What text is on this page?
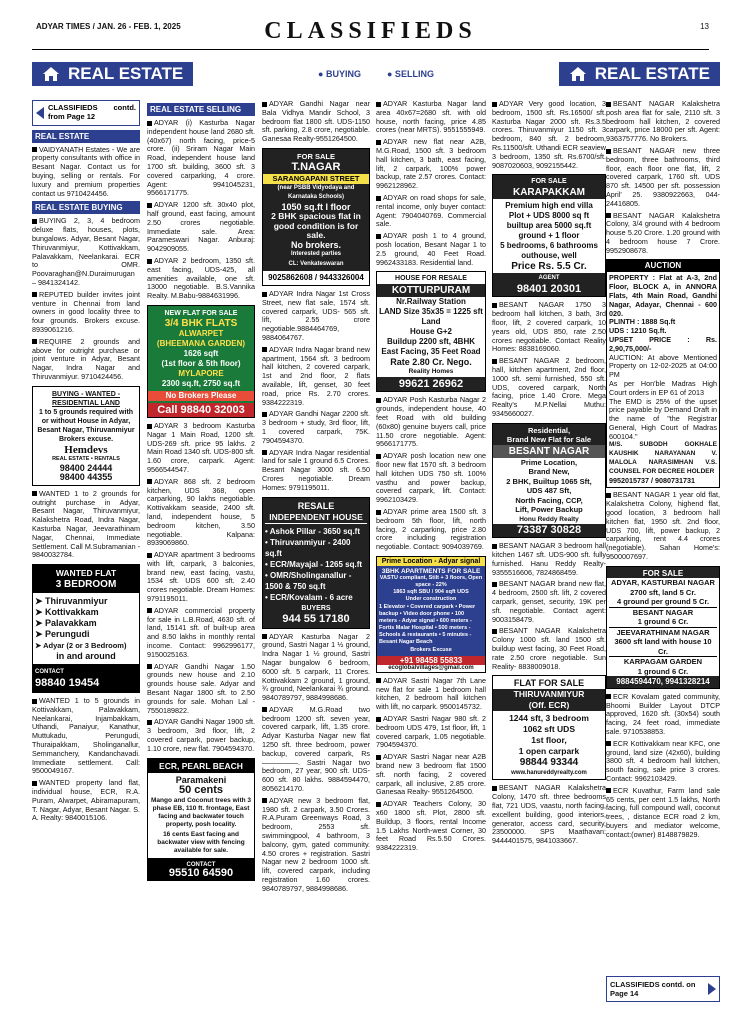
ADYAR TIMES / JAN. 26 - FEB. 1, 2025	CLASSIFIEDS	13
REAL ESTATE	● BUYING	● SELLING	REAL ESTATE
CLASSIFIEDS contd. from Page 12
REAL ESTATE
VAIDYANATH Estates - We are property consultants with office in Besant Nagar. Contact us for buying, selling or rentals. For luxury and premium properties contact us 9710424456.
REAL ESTATE BUYING
BUYING 2, 3, 4 bedroom deluxe flats, houses, plots, bungalows. Adyar, Besant Nagar, Thiruvanmiyur, Kottivakkam, Palavakkam, Neelankarai. ECR to OMR. Poovaraghan@N.Duraimurugan – 9841324142.
REPUTED builder invites joint venture in Chennai from land owners in good locality three to four grounds. Brokers excuse. 8939061216.
REQUIRE 2 grounds and above for outright purchase or joint venture in Adyar, Besant Nagar, Indra Nagar and Thiruvanmiyur. 9710424456.
BUYING - WANTED - RESIDENTIAL LAND
1 to 5 grounds required with or without House in Adyar, Besant Nagar, Thiruvanmiyur
Brokers excuse.
Hemdevs
REAL ESTATE • RENTALS
98400 24444
98400 44355
WANTED 1 to 2 grounds for outright purchase in Adyar, Besant Nagar, Thiruvanmiyur, Kalakshetra Road, Indra Nagar, Kasturba Nagar, Jeevarathinam Nagar, Chennai, Immediate Settlement. Call M.Subramanian - 9840032784.
WANTED FLAT
3 BEDROOM
➤ Thiruvanmiyur
➤ Kottivakkam
➤ Palavakkam
➤ Perungudi
➤ Adyar (2 or 3 Bedroom)
in and around
CONTACT
98840 19454
WANTED 1 to 5 grounds in Kottivakkam, Palavakkam, Neelankarai, Injambakkam, Uthandi, Panaiyur, Kanathur, Muttukadu, Perungudi, Thuraipakkam, Sholinganallur, Semmanchery, Kandanchavadi. Immediate settlement. Call: 9500049167.
WANTED property land flat, individual house, ECR, R.A. Puram, Alwarpet, Abiramapuram, T. Nagar, Adyar, Besant Nagar. S. A. Realty: 9840015106.
REAL ESTATE SELLING
ADYAR (i) Kasturba Nagar independent house land 2680 sft. (40x67) north facing, price-5 crore. (ii) Sriram Nagar Main Road, independent house land 1700 sft. building, 3600 sft. 3 covered carparking, 4 crore. Agent: 9941045231, 9566171775.
ADYAR 1200 sft. 30x40 plot, half ground, east facing, amount 2.50 crores negotiable. Immediate sale. Area: Parameswari Nagar. Anburaj: 9042909055.
ADYAR 2 bedroom, 1350 sft. east facing, UDS-425, all amenities available, one sft. 13000 negotiable. B.S.Vannika Realty. M.Babu-9884631996.
NEW FLAT FOR SALE
3/4 BHK FLATS
ALWARPET
(BHEEMANA GARDEN)
1626 sqft
(1st floor & 5th floor)
MYLAPORE
2300 sq.ft, 2750 sq.ft
No Brokers Please
Call 98840 32003
ADYAR 3 bedroom Kasturba Nagar 1 Main Road, 1200 sft. UDS-269 sft. price 95 lakhs. 2 Main Road 1340 sft. UDS-800 sft. 1.60 crore, carpark. Agent: 9566544547.
ADYAR 868 sft. 2 bedroom kitchen, UDS 368, open carparking, 90 lakhs negotiable. Kottivakkam seaside, 2400 sft. land, independent house, 5 bedroom kitchen, 3.50 negotiable. Kalpana: 8939069860.
ADYAR apartment 3 bedrooms with lift, carpark, 3 balconies, brand new, east facing, vastu, 1534 sft. UDS 600 sft. 2.40 crores negotiable. Dream Homes: 9791195011.
ADYAR commercial property for sale in L.B.Road, 4630 sft. of land, 15141 sft. of built-up area and 8.50 lakhs in monthly rental income. Contact: 9962996177, 9150025163.
ADYAR Gandhi Nagar 1.50 grounds new house and 2.10 grounds house sale. Adyar and Besant Nagar 1800 sft. to 2.50 grounds for sale. Mohan Lal - 7550189822.
ADYAR Gandhi Nagar 1900 sft. 3 bedroom, 3rd floor, lift, 2 covered carpark, power backup, 1.10 crore, new flat. 7904594370.
ECR, PEARL BEACH
Paramakeni
50 cents
Mango and Coconut trees with 3 phase EB, 110 ft. frontage, East facing and backwater touch property, posh locality.
16 cents East facing and backwater view with fencing available for sale.
CONTACT
95510 64590
ADYAR Gandhi Nagar near Bala Vidhya Mandir School, 3 bedroom flat 1800 sft. UDS-1150 sft. parking, 2.8 crore, negotiable. Ganesaa Realty-9551264500.
FOR SALE
T.NAGAR
SARANGAPANI STREET
(near PSBB Vidyodaya and Karnataka Schools)
1050 sq.ft I floor
2 BHK spacious flat in good condition is for sale.
No brokers.
Interested parties
CL: Venkateswaran
9025862608 / 9443326004
ADYAR Indra Nagar 1st Cross Street, new flat sale, 1574 sft. covered carpark, UDS- 565 sft. lift, 2.55 crore negotiable.9884464769, 9884064767.
ADYAR Indra Nagar brand new apartment, 1564 sft. 3 bedroom hall kitchen, 2 covered carpark, 1st and 2nd floor, 2 flats available, lift, genset, 30 feet road, price Rs. 2.70 crores. 9384222319.
ADYAR Gandhi Nagar 2200 sft. 3 bedroom + study, 3rd floor, lift, 1 covered carpark, 75K. 7904594370.
ADYAR Indra Nagar residential land for sale 1 ground 6.5 Crores. Besant Nagar 3000 sft. 6.50 Crores negotiable. Dream Homes: 9791195011.
RESALE
INDEPENDENT HOUSE
• Ashok Pillar - 3650 sq.ft
• Thiruvanmiyur - 2400 sq.ft
• ECR/Mayajal - 1265 sq.ft
• OMR/Sholinganallur - 1500 & 750 sq.ft
• ECR/Kovalam - 6 acre
BUYERS
944 55 17180
ADYAR Kasturba Nagar 2 ground, Sastri Nagar 1 ½ ground, Indra Nagar 1 ½ ground, Sastri Nagar bungalow 6 bedroom, 6000 sft. 5 carpark, 11 Crores. Kottivakkam 2 ground, 1 ground, ¾ ground, Neelankarai ¾ ground. 9840789797, 9884998686.
ADYAR M.G.Road two bedroom 1200 sft. seven year, covered carpark, lift, 1.35 crore. Adyar Kasturba Nagar new flat 1250 sft. three bedroom, power backup, covered carpark, Rs—————. Sastri Nagar two bedroom, 27 year, 900 sft. UDS- 600 sft. 80 lakhs. 9884594470, 8056214170.
ADYAR new 3 bedroom flat, 1980 sft. 2 carpark, 3.50 Crores. R.A.Puram Greenways Road, 3 bedroom, 2553 sft. swimmingpool, 4 bathroom, 3 balcony, gym, gated community. 4.50 crores + registration. Sastri Nagar new 2 bedroom 1000 sft. lift, covered carpark, including registration 1.60 crores. 9840789797, 9884998686.
ADYAR Kasturba Nagar land area 40x67=2680 sft. with old house, north facing, price 4.85 crores (near MRTS). 9551555949.
ADYAR new flat near A2B, M.G.Road, 1500 sft. 3 bedroom hall kitchen, 3 bath, east facing, lift, 2 carpark, 100% power backup, rate 2.57 crores. Contact: 9962128962.
ADYAR on road shops for sale, rental income, only buyer contact: Agent: 7904040769. Commercial sale.
ADYAR posh 1 to 4 ground, posh location, Besant Nagar 1 to 2.5 ground, 40 Feet Road. 9962433183. Residential land.
HOUSE FOR RESALE
KOTTURPURAM
Nr.Railway Station
LAND Size 35x35 = 1225 sft Land
House G+2
Buildup 2200 sft, 4BHK
East Facing, 35 Feet Road
Rate 2.80 Cr. Nego.
Reality Homes
99621 26962
ADYAR Posh Kasturba Nagar 2 grounds, independent house, 40 feet Road with old building (60x80) genuine buyers call, price 11.50 crore negotiable. Agent: 9566171775.
ADYAR posh location new one floor new flat 1570 sft. 3 bedroom hall kitchen UDS 750 sft. 100% vasthu and power backup, covered carpark, lift. Contact: 9962103429.
ADYAR prime area 1500 sft. 3 bedroom 5th floor, lift, north facing, 2 carparking, price 2.80 crore including registration negotiable. Contact: 9094039769.
Prime Location - Adyar signal
3BHK APARTMENTS FOR SALE
VASTU compliant, Stilt + 3 floors, Open space - 22%
1863 sqft SBU / 904 sqft UDS
Under construction
1 Elevator • Covered carpark • Power backup • Video door phone • 100 meters - Adyar signal • 600 meters - Fortis Malar Hospital • 500 meters - Schools & restaurants • 5 minutes - Besant Nagar Beach
Brokers Excuse
+91 98458 55833
ecoglobalvillages@gmail.com
ADYAR Sastri Nagar 7th Lane new flat for sale 1 bedroom hall kitchen, 2 bedroom hall kitchen with lift, no carpark. 9500145732.
ADYAR Sastri Nagar 980 sft. 2 bedroom UDS 479, 1st floor, lift, 1 covered carpark, 1.05 negotiable. 7904594370.
ADYAR Sastri Nagar near A2B brand new 3 bedroom flat 1500 sft. north facing, 2 covered carpark, all inclusive, 2.85 crore. Ganesaa Realty- 9551264500.
ADYAR Teachers Colony, 30 x60 1800 sft. Plot, 2800 sft. Buildup, 3 floors, rental Income 1.5 Lakhs North-west Corner, 30 feet Road Rs.5.50 Crores. 9384222319.
ADYAR Very good location, 3 bedroom, 1500 sft. Rs.16500/ sft. Kasturba Nagar 2000 sft. Rs.3.5 crores. Thiruvanmiyur 1150 sft. 3 bedroom, 840 sft. 2 bedroom, Rs.11500/sft. Uthandi ECR seaview 3 bedroom, 1350 sft. Rs.6700/sft. 9087020603, 9092155442.
FOR SALE
KARAPAKKAM
Premium high end villa
Plot + UDS 8000 sq ft
builtup area 5000 sq.ft
ground + 1 floor
5 bedrooms, 6 bathrooms
outhouse, well
Price Rs. 5.5 Cr.
AGENT
98401 20301
BESANT NAGAR 1750 3 bedroom hall kitchen, 3 bath, 3rd floor, lift, 2 covered carpark, 10 years old, UDS 850, rate 2.50 crores negotiable. Contact Reality Homes: 8838169060.
BESANT NAGAR 2 bedroom, hall, kitchen apartment, 2nd floor, 1000 sft. semi furnished, 550 sft. UDS, covered carpark, North facing, price 1.40 Crore. Mega Realty's M.P.Nellai Muthu: 9345660027.
Residential,
Brand New Flat for Sale
BESANT NAGAR
Prime Location,
Brand New,
2 BHK, Builtup 1065 Sft,
UDS 487 Sft,
North Facing, CCP,
Lift, Power Backup
Honu Reddy Realty
73387 30828
BESANT NAGAR 3 bedroom hall kitchen 1467 sft. UDS-900 sft. fully furnished. Hanu Reddy Realty- 9355516606, 7824868459.
BESANT NAGAR brand new flat, 4 bedroom, 2500 sft. lift, 2 covered carpark, genset, security, 19K per sft. negotiable. Contact agent: 9003158479.
BESANT NAGAR Kalakshetra Colony 1000 sft. land 1500 sft. buildup west facing, 30 Feet Road, rate 2.50 crore negotiable. Sun Reality- 8838009018.
FLAT FOR SALE
THIRUVANMIYUR
(Off. ECR)
1244 sft, 3 bedroom
1062 sft UDS
1st floor,
1 open carpark
98844 93344
www.hanureddyrealty.com
BESANT NAGAR Kalakshetra Colony, 1470 sft. three bedrooms flat, 721 UDS, vaastu, north facing, excellent building, good interiors, generator, access card, security, 23500000. SPS Maathavan: 9444401575, 9841033667.
BESANT NAGAR Kalakshetra posh area flat for sale, 2110 sft. 3 bedroom hall kitchen, 2 covered carpark, price 18000 per sft. Agent: 9363757776. No Brokers.
BESANT NAGAR new three bedroom, three bathrooms, third floor, each floor one flat, lift, 2 covered carpark, 1760 sft. UDS 870 sft. 14500 per sft. possession April' 25. 9380922663, 044-24416805.
BESANT NAGAR Kalakshetra Colony, 3/4 ground with 4 bedroom house 5.20 Crore. 1.20 ground with 4 bedroom house 7 Crore. 9952908678.
AUCTION
PROPERTY : Flat at A-3, 2nd Floor, BLOCK A, in ANNORA Flats, 4th Main Road, Gandhi Nagar, Adayar, Chennai - 600 020.
PLINTH : 1888 Sq.ft
UDS : 1210 Sq.ft.
UPSET PRICE : Rs. 2,90,75,000/-
AUCTION: At above Mentioned Property on 12-02-2025 at 04:00 PM
As per Hon'ble Madras High Court orders in EP 61 of 2013
The EMD is 25% of the upset price payable by Demand Draft in the name of "the Registrar General, High Court of Madras 600104."
M/S. SUBODH GOKHALE KAUSHIK NARAYANAN V. MALOLA NARASIMHAN V.S. COUNSEL FOR DECREE HOLDER
9952015737 / 9080731731
BESANT NAGAR 1 year old flat, Kalakshetra Colony, highend flat, good location, 3 bedroom hall kitchen flat, 1950 sft. 2nd floor, UDS 700, lift, power backup, 2 carparking, rent 4.4 crores (negotiable). Sahan Home's: 9500007697.
FOR SALE
ADYAR, KASTURBAI NAGAR
2700 sft, land 5 Cr.
4 ground per ground 5 Cr.
BESANT NAGAR
1 ground 6 Cr.
JEEVARATHINAM NAGAR
3600 sft land with house 10 Cr.
KARPAGAM GARDEN
1 ground 6 Cr.
9884594470, 9941328214
ECR Kovalam gated community, Bhoomi Builder Layout DTCP approved, 1620 sft. (30x54) south facing, 24 feet road, immediate sale. 9710538853.
ECR Kottivakkam near KFC, one ground, land size (42x60), building 3800 sft. 4 bedroom hall kitchen, south facing, sale price 3 crores. Contact: 9962103429.
ECR Kuvathur, Farm land sale 65 cents, per cent 1.5 lakhs, North facing, full compound wall, coconut trees, , distance ECR road 2 km, buyers and mediator welcome, contact:(owner) 8148879829.
CLASSIFIEDS contd. on Page 14
